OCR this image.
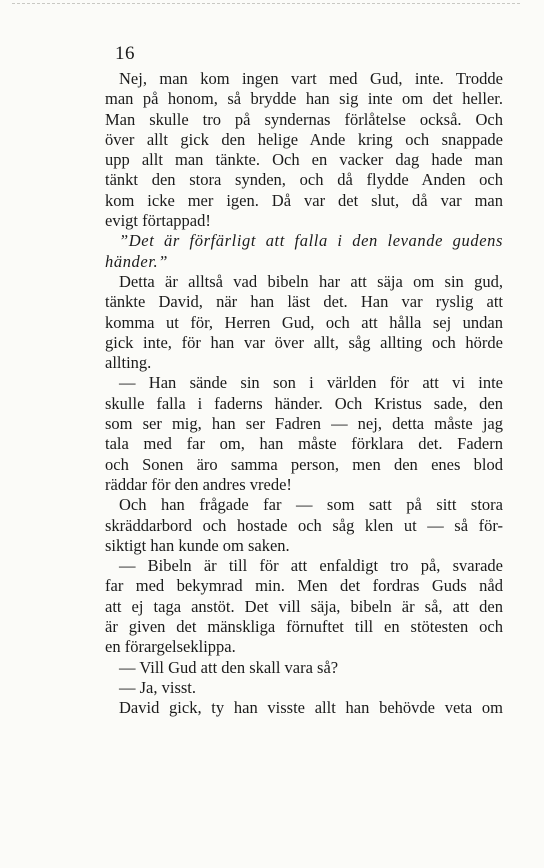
16
Nej, man kom ingen vart med Gud, inte. Trodde
man på honom, så brydde han sig inte om det heller.
Man skulle tro på syndernas förlåtelse också. Och
över allt gick den helige Ande kring och snappade
upp allt man tänkte. Och en vacker dag hade man
tänkt den stora synden, och då flydde Anden och
kom icke mer igen. Då var det slut, då var man
evigt förtappad!
”Det är förfärligt att falla i den levande gudens
händer.”
Detta är alltså vad bibeln har att säja om sin gud,
tänkte David, när han läst det. Han var ryslig att
komma ut för, Herren Gud, och att hålla sej undan
gick inte, för han var över allt, såg allting och hörde
allting.
— Han sände sin son i världen för att vi inte
skulle falla i faderns händer. Och Kristus sade, den
som ser mig, han ser Fadren — nej, detta måste jag
tala med far om, han måste förklara det. Fadern
och Sonen äro samma person, men den enes blod
räddar för den andres vrede!
Och han frågade far — som satt på sitt stora
skräddarbord och hostade och såg klen ut — så för-
siktigt han kunde om saken.
— Bibeln är till för att enfaldigt tro på, svarade
far med bekymrad min. Men det fordras Guds nåd
att ej taga anstöt. Det vill säja, bibeln är så, att den
är given det mänskliga förnuftet till en stötesten och
en förargelseklippa.
— Vill Gud att den skall vara så?
— Ja, visst.
David gick, ty han visste allt han behövde veta om
